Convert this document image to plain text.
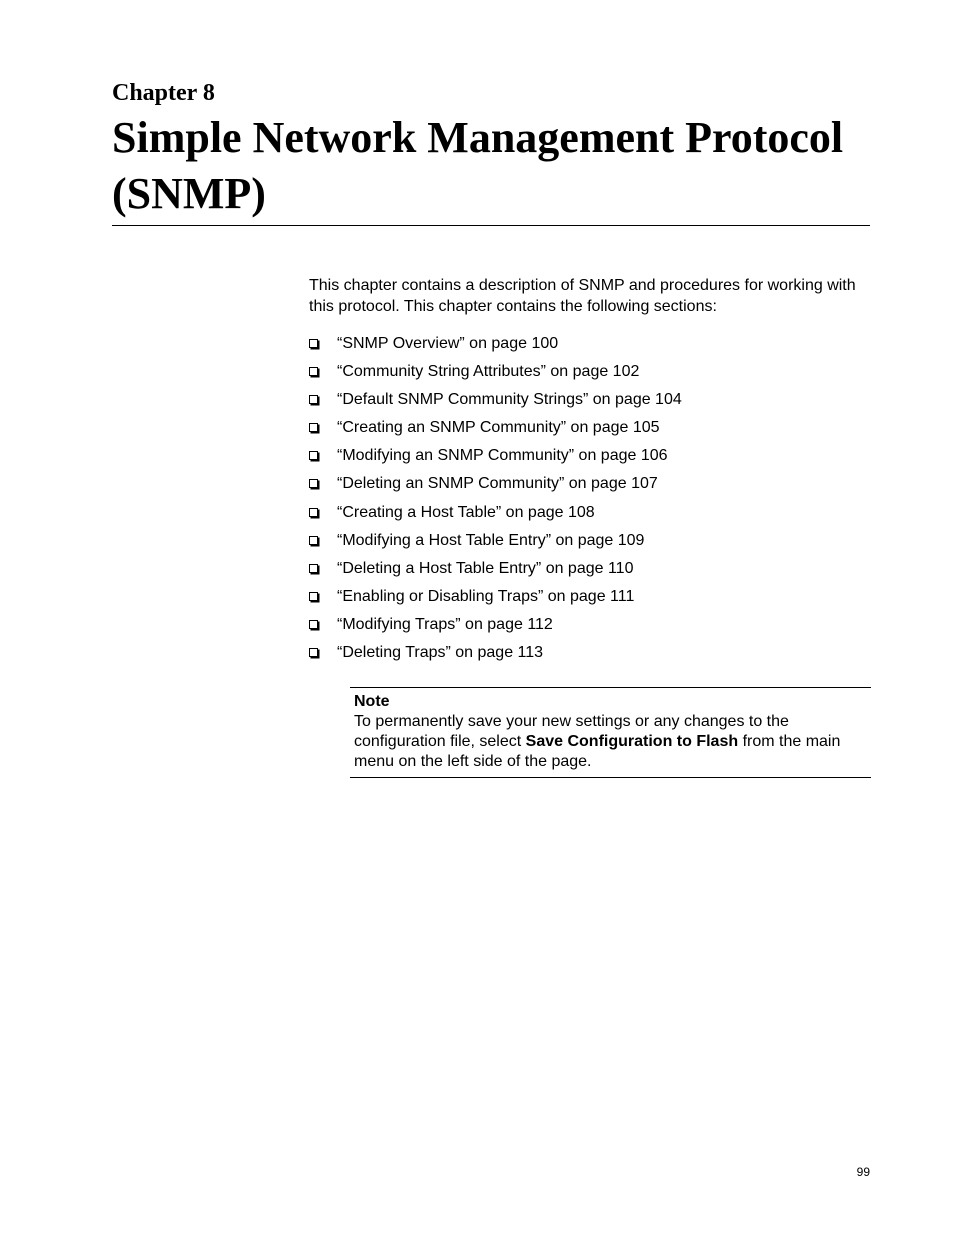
Chapter 8
Simple Network Management Protocol (SNMP)

This chapter contains a description of SNMP and procedures for working with this protocol. This chapter contains the following sections:

“SNMP Overview” on page 100
“Community String Attributes” on page 102
“Default SNMP Community Strings” on page 104
“Creating an SNMP Community” on page 105
“Modifying an SNMP Community” on page 106
“Deleting an SNMP Community” on page 107
“Creating a Host Table” on page 108
“Modifying a Host Table Entry” on page 109
“Deleting a Host Table Entry” on page 110
“Enabling or Disabling Traps” on page 111
“Modifying Traps” on page 112
“Deleting Traps” on page 113

Note

To permanently save your new settings or any changes to the configuration file, select Save Configuration to Flash from the main menu on the left side of the page.

99
